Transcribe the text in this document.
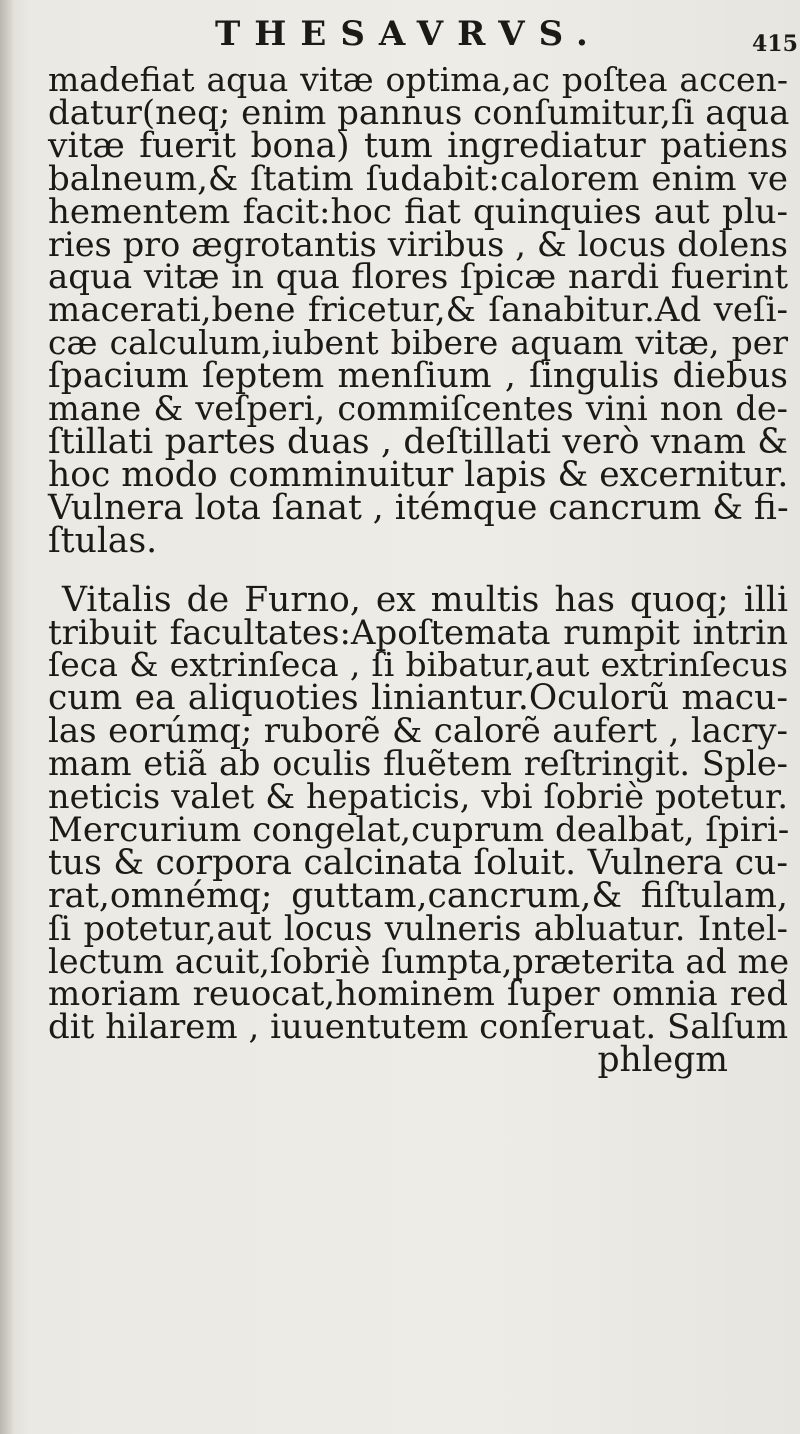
THESAVRVS.	415
madefiat aqua vitæ optima,ac poſtea accen-
datur(neq; enim pannus conſumitur,ſi aqua
vitæ fuerit bona) tum ingrediatur patiens
balneum,& ſtatim ſudabit:calorem enim ve
hementem facit:hoc fiat quinquies aut plu-
ries pro ægrotantis viribus , & locus dolens
aqua vitæ in qua flores ſpicæ nardi fuerint
macerati,bene fricetur,& ſanabitur.Ad veſi-
cæ calculum,iubent bibere aquam vitæ, per
ſpacium ſeptem menſium , ſingulis diebus
mane & veſperi, commiſcentes vini non de-
ſtillati partes duas , deſtillati verò vnam &
hoc modo comminuitur lapis & excernitur.
Vulnera lota ſanat , itémque cancrum & fi-
ſtulas.
Vitalis de Furno, ex multis has quoq; illi
tribuit facultates:Apoſtemata rumpit intrin
ſeca & extrinſeca , ſi bibatur,aut extrinſecus
cum ea aliquoties liniantur.Oculorũ macu-
las eorúmq; ruborẽ & calorẽ aufert , lacry-
mam etiã ab oculis fluẽtem reſtringit. Sple-
neticis valet & hepaticis, vbi ſobriè potetur.
Mercurium congelat,cuprum dealbat, ſpiri-
tus & corpora calcinata ſoluit. Vulnera cu-
rat,omnémq; guttam,cancrum,& fiſtulam,
ſi potetur,aut locus vulneris abluatur. Intel-
lectum acuit,ſobriè ſumpta,præterita ad me
moriam reuocat,hominem ſuper omnia red
dit hilarem , iuuentutem conſeruat. Salſum
phlegm
